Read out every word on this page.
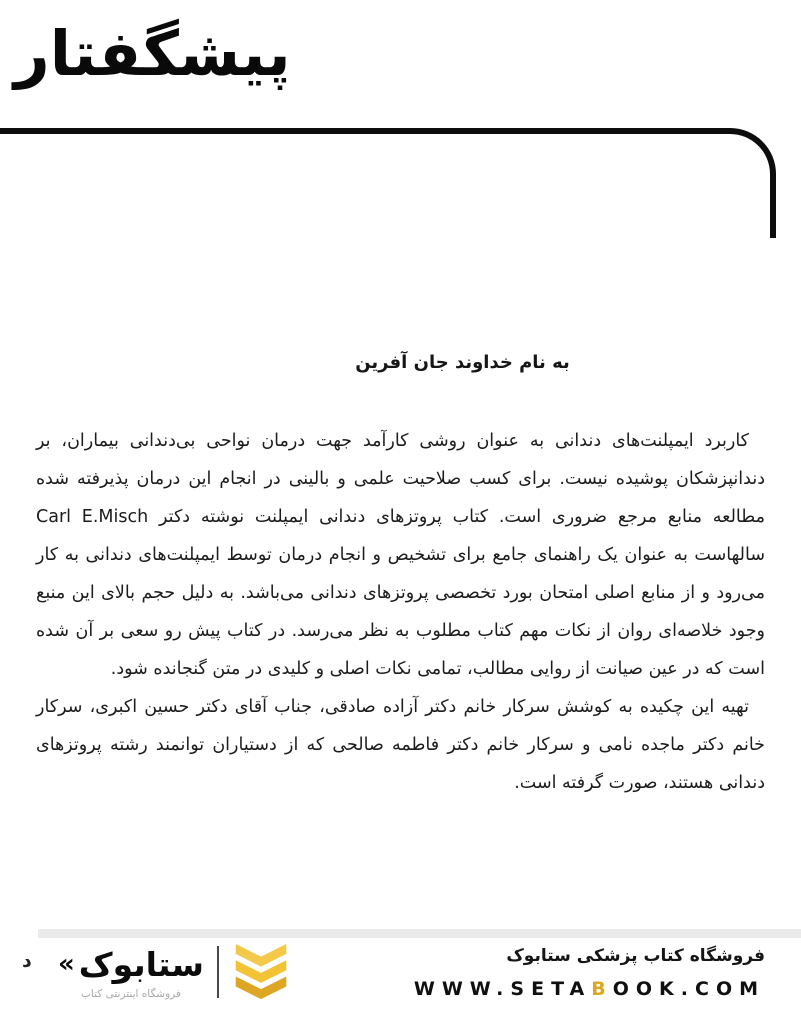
پیشگفتار
به نام خداوند جان آفرین

کاربرد ایمپلنت‌های دندانی به عنوان روشی کارآمد جهت درمان نواحی بی‌دندانی بیماران، بر دندانپزشکان پوشیده نیست. برای کسب صلاحیت علمی و بالینی در انجام این درمان پذیرفته شده مطالعه منابع مرجع ضروری است. کتاب پروتزهای دندانی ایمپلنت نوشته دکتر Carl E.Misch سالهاست به عنوان یک راهنمای جامع برای تشخیص و انجام درمان توسط ایمپلنت‌های دندانی به کار می‌رود و از منابع اصلی امتحان بورد تخصصی پروتزهای دندانی می‌باشد. به دلیل حجم بالای این منبع وجود خلاصه‌ای روان از نکات مهم کتاب مطلوب به نظر می‌رسد. در کتاب پیش رو سعی بر آن شده است که در عین صیانت از روایی مطالب، تمامی نکات اصلی و کلیدی در متن گنجانده شود.

تهیه این چکیده به کوشش سرکار خانم دکتر آزاده صادقی، جناب آقای دکتر حسین اکبری، سرکار خانم دکتر ماجده نامی و سرکار خانم دکتر فاطمه صالحی که از دستیاران توانمند رشته پروتزهای دندانی هستند، صورت گرفته است.

د « ستابوک
فروشگاه اینترنتی کتاب
فروشگاه کتاب پزشکی ستابوک
WWW.SETABOOK.COM
